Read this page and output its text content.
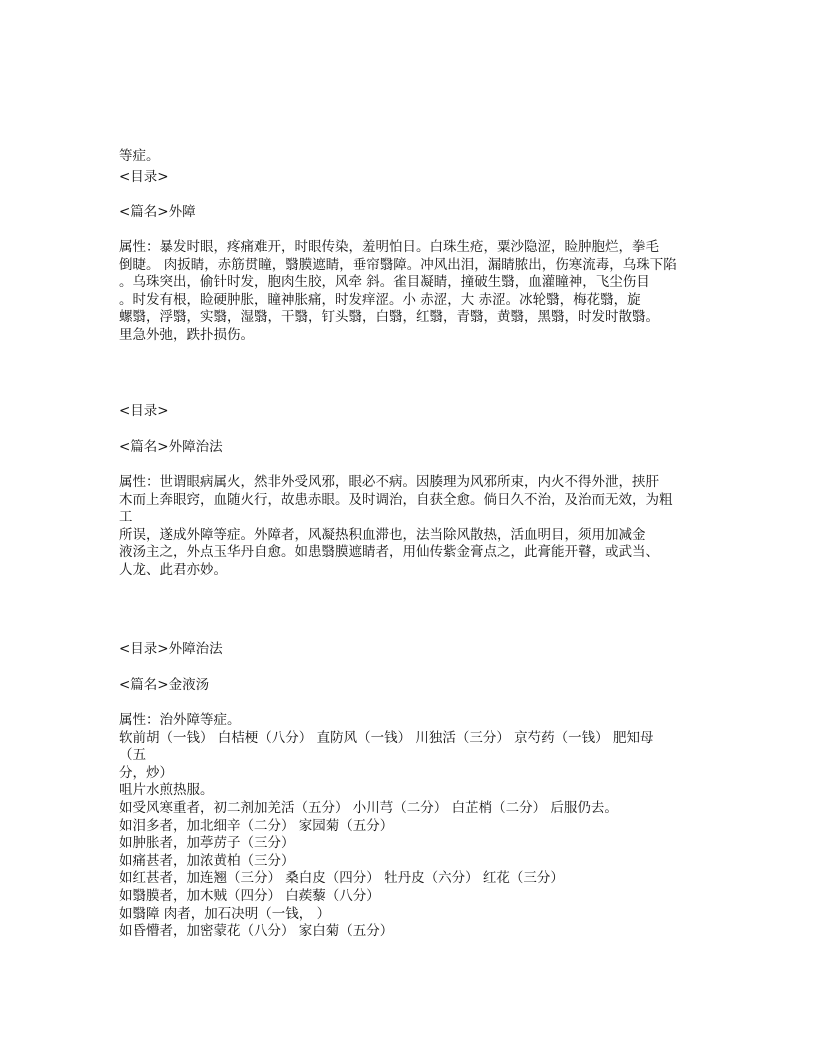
等症。
<目录>
<篇名>外障
属性：暴发时眼，疼痛难开，时眼传染，羞明怕日。白珠生疮，粟沙隐涩，睑肿胞烂，拳毛
倒睫。 肉扳睛，赤筋贯瞳，翳膜遮睛，垂帘翳障。冲风出泪，漏睛脓出，伤寒流毒，乌珠下陷
。乌珠突出，偷针时发，胞肉生胶，风牵 斜。雀目凝睛，撞破生翳，血灌瞳神，飞尘伤目
。时发有根，睑硬肿胀，瞳神胀痛，时发痒涩。小 赤涩，大 赤涩。冰轮翳，梅花翳，旋
螺翳，浮翳，实翳，湿翳，干翳，钉头翳，白翳，红翳，青翳，黄翳，黑翳，时发时散翳。
里急外弛，跌扑损伤。
<目录>
<篇名>外障治法
属性：世谓眼病属火，然非外受风邪，眼必不病。因腠理为风邪所束，内火不得外泄，挟肝
木而上奔眼窍，血随火行，故患赤眼。及时调治，自获全愈。倘日久不治，及治而无效，为粗
工
所误，遂成外障等症。外障者，风凝热积血滞也，法当除风散热，活血明目，须用加减金
液汤主之，外点玉华丹自愈。如患翳膜遮睛者，用仙传紫金膏点之，此膏能开瞽，或武当、
人龙、此君亦妙。
<目录>外障治法
<篇名>金液汤
属性：治外障等症。
软前胡（一钱） 白桔梗（八分） 直防风（一钱） 川独活（三分） 京芍药（一钱） 肥知母
（五
分，炒）
咀片水煎热服。
如受风寒重者，初二剂加羌活（五分） 小川芎（二分） 白芷梢（二分） 后服仍去。
如泪多者，加北细辛（二分） 家园菊（五分）
如肿胀者，加葶苈子（三分）
如痛甚者，加浓黄柏（三分）
如红甚者，加连翘（三分） 桑白皮（四分） 牡丹皮（六分） 红花（三分）
如翳膜者，加木贼（四分） 白蒺藜（八分）
如翳障 肉者，加石决明（一钱， ）
如昏懵者，加密蒙花（八分） 家白菊（五分）
